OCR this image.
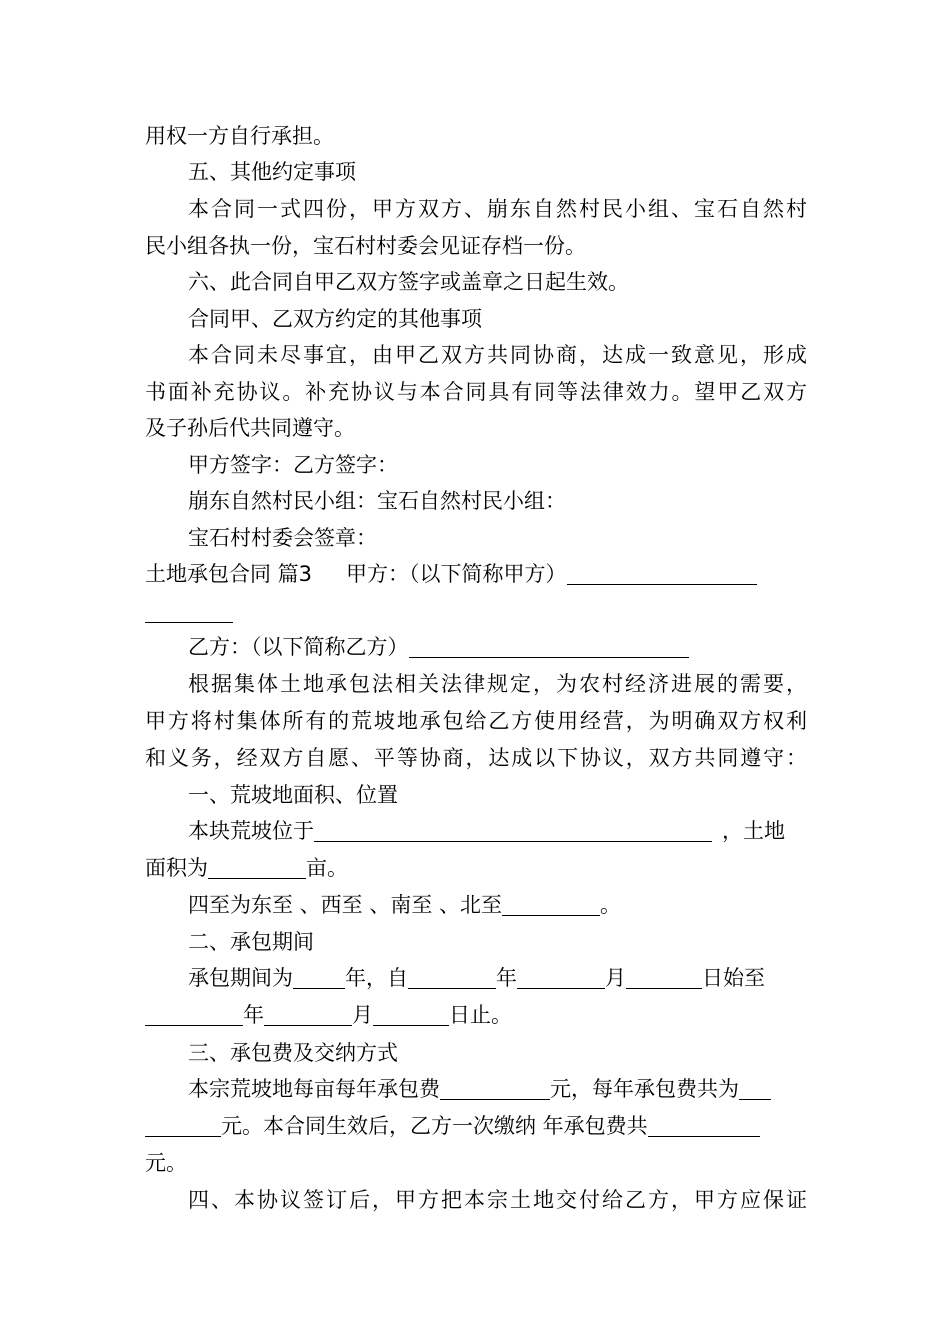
用权一方自行承担。
五、其他约定事项
本合同一式四份，甲方双方、崩东自然村民小组、宝石自然村
民小组各执一份，宝石村村委会见证存档一份。
六、此合同自甲乙双方签字或盖章之日起生效。
合同甲、乙双方约定的其他事项
本合同未尽事宜，由甲乙双方共同协商，达成一致意见，形成
书面补充协议。补充协议与本合同具有同等法律效力。望甲乙双方
及子孙后代共同遵守。
甲方签字：乙方签字：
崩东自然村民小组：宝石自然村民小组：
宝石村村委会签章：
土地承包合同 篇3 甲方：（以下简称甲方）
乙方：（以下简称乙方）
根据集体土地承包法相关法律规定，为农村经济进展的需要，
甲方将村集体所有的荒坡地承包给乙方使用经营，为明确双方权利
和义务，经双方自愿、平等协商，达成以下协议，双方共同遵守：
一、荒坡地面积、位置
本块荒坡位于	，土地
面积为	亩。
四至为东至 、西至 、南至 、北至	。
二、承包期间
承包期间为 年，自	年	月	日始至
年	月	日止。
三、承包费及交纳方式
本宗荒坡地每亩每年承包费	元，每年承包费共为
元。本合同生效后，乙方一次缴纳 年承包费共
元。
四、本协议签订后，甲方把本宗土地交付给乙方，甲方应保证
